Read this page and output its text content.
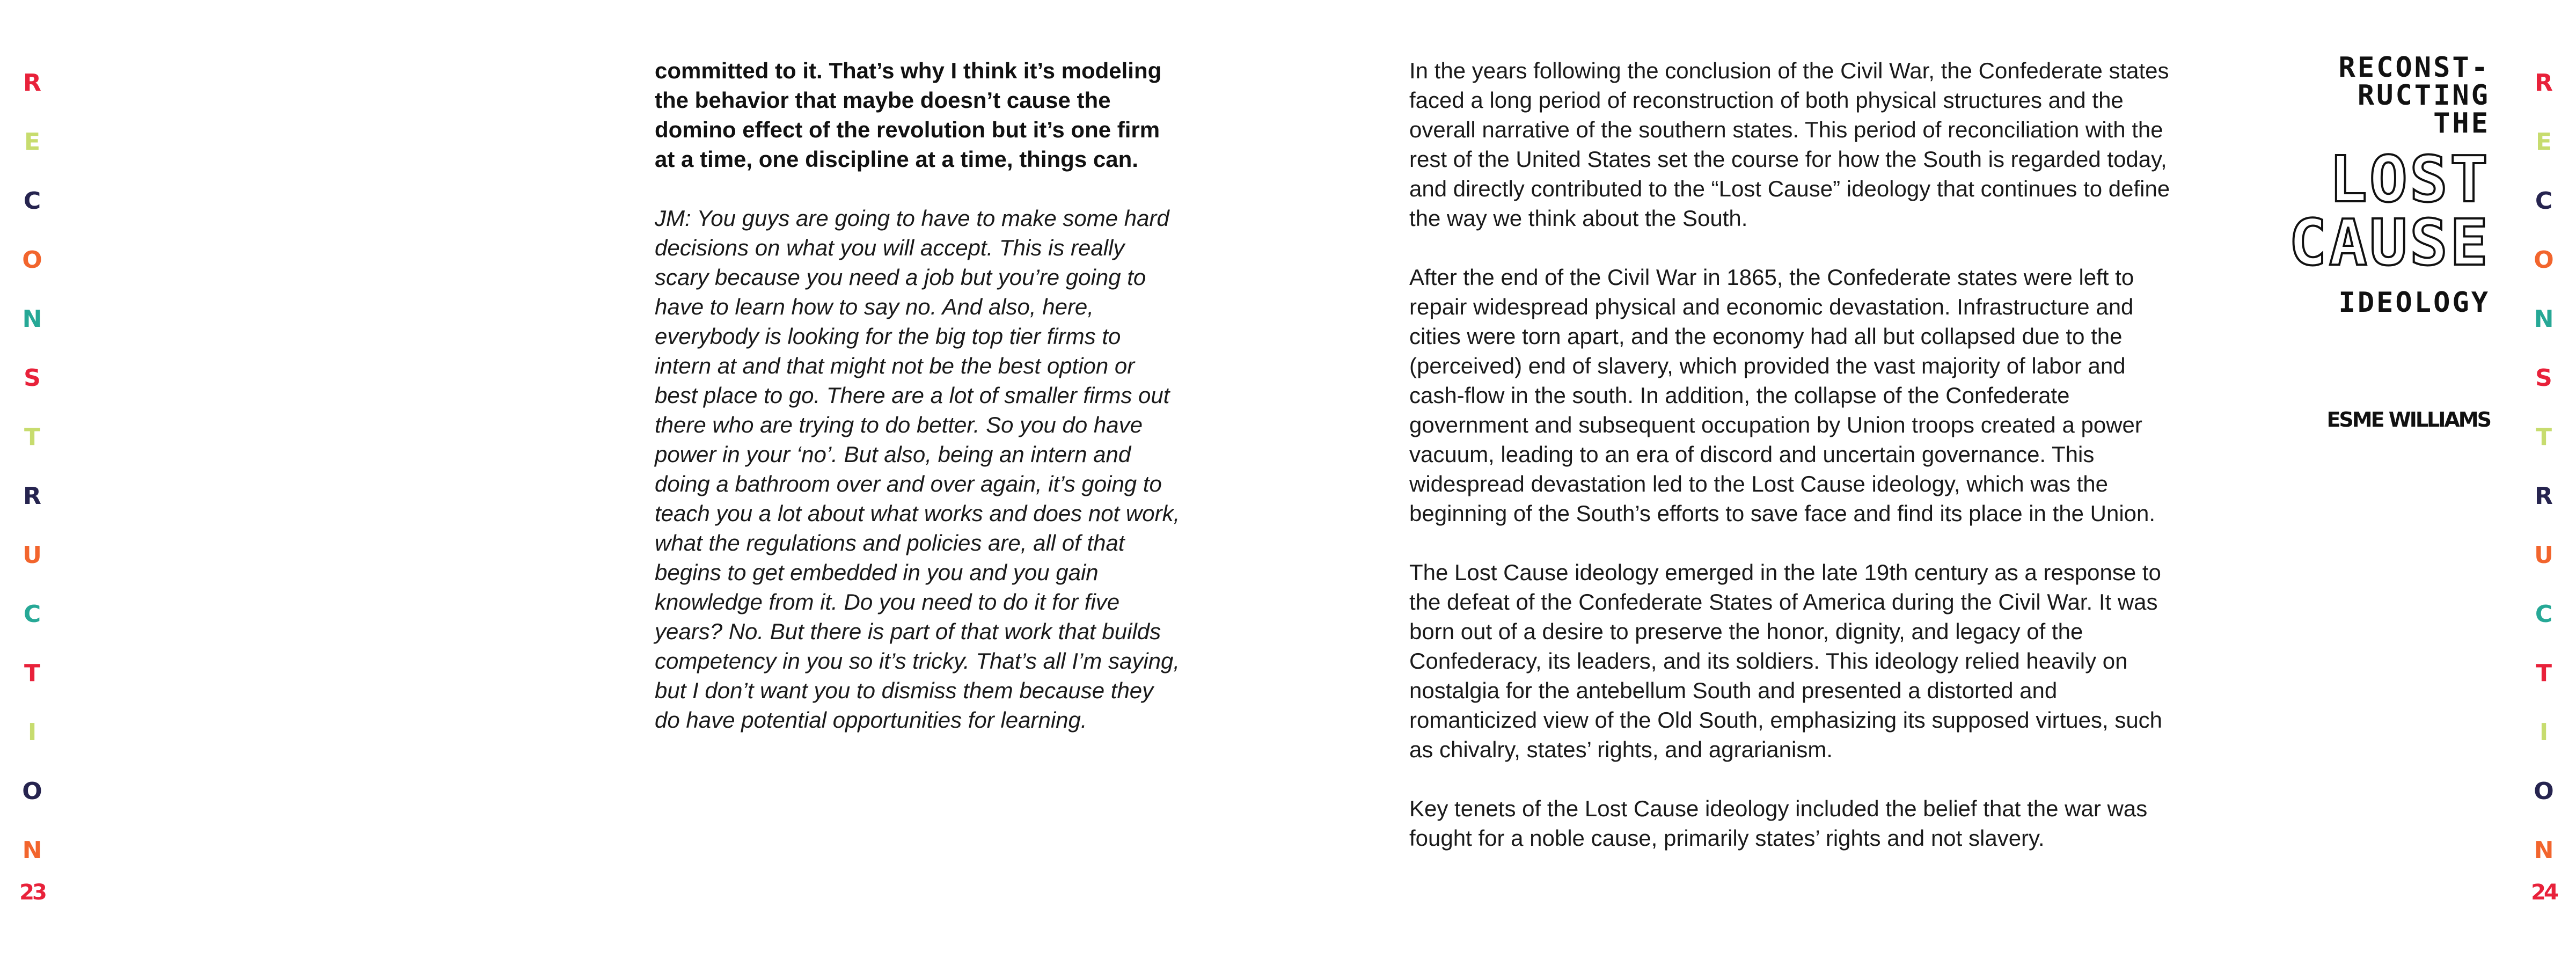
R
E
C
O
N
S
T
R
U
C
T
I
O
N
23

committed to it. That’s why I think it’s modeling the behavior that maybe doesn’t cause the domino effect of the revolution but it’s one firm at a time, one discipline at a time, things can.

JM: You guys are going to have to make some hard decisions on what you will accept. This is really scary because you need a job but you’re going to have to learn how to say no. And also, here, everybody is looking for the big top tier firms to intern at and that might not be the best option or best place to go. There are a lot of smaller firms out there who are trying to do better. So you do have power in your ‘no’. But also, being an intern and doing a bathroom over and over again, it’s going to teach you a lot about what works and does not work, what the regulations and policies are, all of that begins to get embedded in you and you gain knowledge from it. Do you need to do it for five years? No. But there is part of that work that builds competency in you so it’s tricky. That’s all I’m saying, but I don’t want you to dismiss them because they do have potential opportunities for learning.

In the years following the conclusion of the Civil War, the Confederate states faced a long period of reconstruction of both physical structures and the overall narrative of the southern states. This period of reconciliation with the rest of the United States set the course for how the South is regarded today, and directly contributed to the “Lost Cause” ideology that continues to define the way we think about the South.

After the end of the Civil War in 1865, the Confederate states were left to repair widespread physical and economic devastation. Infrastructure and cities were torn apart, and the economy had all but collapsed due to the (perceived) end of slavery, which provided the vast majority of labor and cash-flow in the south. In addition, the collapse of the Confederate government and subsequent occupation by Union troops created a power vacuum, leading to an era of discord and uncertain governance. This widespread devastation led to the Lost Cause ideology, which was the beginning of the South’s efforts to save face and find its place in the Union.

The Lost Cause ideology emerged in the late 19th century as a response to the defeat of the Confederate States of America during the Civil War. It was born out of a desire to preserve the honor, dignity, and legacy of the Confederacy, its leaders, and its soldiers. This ideology relied heavily on nostalgia for the antebellum South and presented a distorted and romanticized view of the Old South, emphasizing its supposed virtues, such as chivalry, states’ rights, and agrarianism.

Key tenets of the Lost Cause ideology included the belief that the war was fought for a noble cause, primarily states’ rights and not slavery.

RECONST-
RUCTING
THE
LOST
CAUSE
IDEOLOGY
ESME WILLIAMS
R
E
C
O
N
S
T
R
U
C
T
I
O
N
24
